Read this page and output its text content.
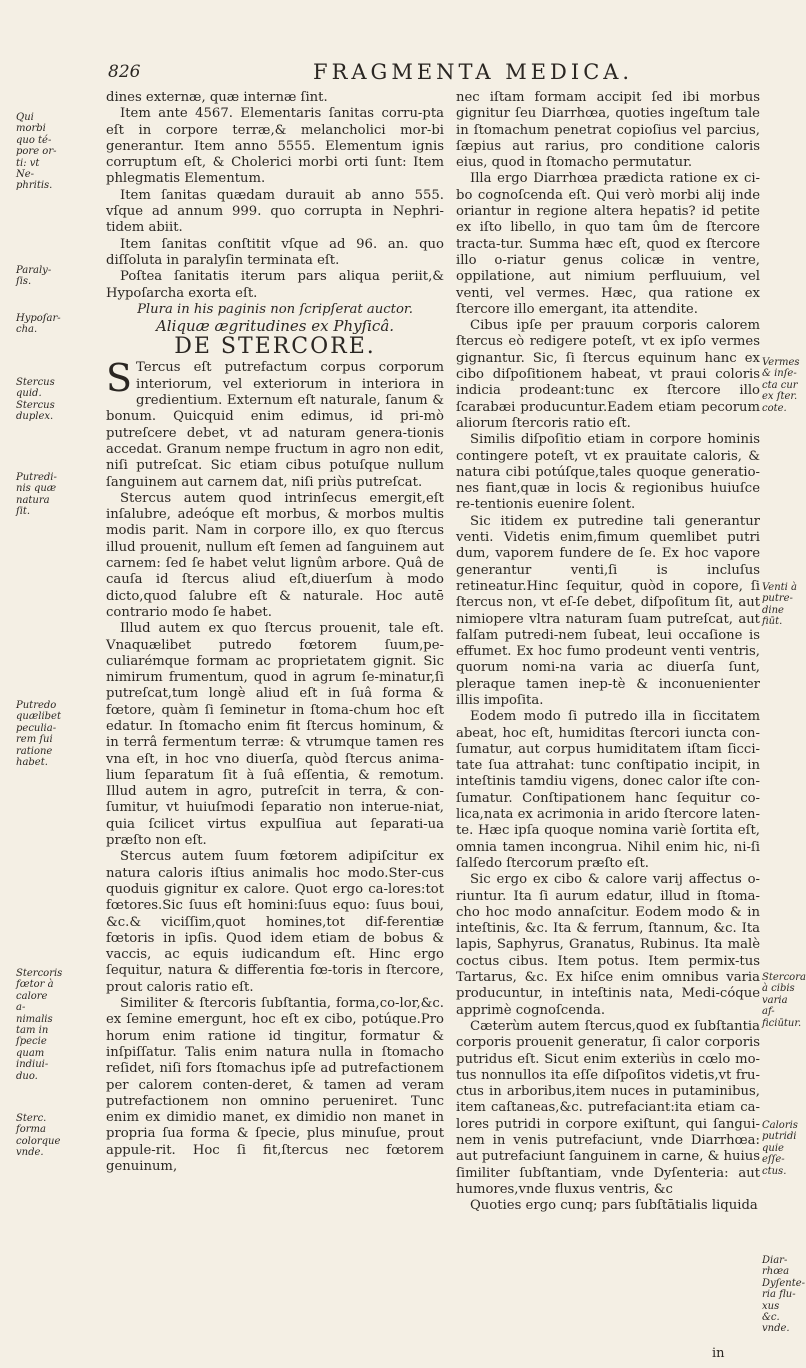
826	FRAGMENTA MEDICA.

dines externæ, quæ internæ ſint.

Item ante 4567. Elementaris ſanitas corru-pta eſt in corpore terræ,& melancholici mor-bi generantur. Item anno 5555. Elementum ignis corruptum eſt, & Cholerici morbi orti ſunt: Item phlegmatis Elementum.

Item ſanitas quædam durauit ab anno 555. vſque ad annum 999. quo corrupta in Nephri-tidem abiit.

Item ſanitas conſtitit vſque ad 96. an. quo diſſoluta in paralyſin terminata eſt.

Poſtea ſanitatis iterum pars aliqua periit,& Hypoſarcha exorta eſt.

Plura in his paginis non ſcripſerat auctor.

Aliquæ ægritudines ex Phyſicâ.

DE STERCORE.

S Tercus eſt putrefactum corpus corporum interiorum, vel exteriorum in interiora in gredientium. Externum eſt naturale, ſanum & bonum. Quicquid enim edimus, id pri-mò putreſcere debet, vt ad naturam genera-tionis accedat. Granum nempe fructum in agro non edit, niſi putreſcat. Sic etiam cibus potuſque nullum ſanguinem aut carnem dat, niſi priùs putreſcat.

Stercus autem quod intrinſecus emergit,eſt inſalubre, adeóque eſt morbus, & morbos multis modis parit. Nam in corpore illo, ex quo ſtercus illud prouenit, nullum eſt ſemen ad ſanguinem aut carnem: ſed ſe habet velut lignûm arbore. Quâ de cauſa id ſtercus aliud eſt,diuerſum à modo dicto,quod ſalubre eſt & naturale. Hoc autē contrario modo ſe habet.

Illud autem ex quo ſtercus prouenit, tale eſt. Vnaquælibet putredo fœtorem ſuum,pe-culiarémque formam ac proprietatem gignit. Sic nimirum frumentum, quod in agrum ſe-minatur,ſi putreſcat,tum longè aliud eſt in ſuâ forma & fœtore, quàm ſi ſeminetur in ſtoma-chum hoc eſt edatur. In ſtomacho enim fit ſtercus hominum, & in terrâ fermentum terræ: & vtrumque tamen res vna eſt, in hoc vno diuerſa, quòd ſtercus anima-lium ſeparatum ſit à ſuâ eſſentia, & remotum. Illud autem in agro, putreſcit in terra, & con-ſumitur, vt huiuſmodi ſeparatio non interue-niat, quia ſcilicet virtus expulſiua aut ſeparati-ua præſto non eſt.

Stercus autem ſuum fœtorem adipiſcitur ex natura caloris iſtius animalis hoc modo.Ster-cus quoduis gignitur ex calore. Quot ergo ca-lores:tot fœtores.Sic ſuus eſt homini:ſuus equo: ſuus boui, &c.& viciſſim,quot homines,tot dif-ferentiæ fœtoris in ipſis. Quod idem etiam de bobus & vaccis, ac equis iudicandum eſt. Hinc ergo ſequitur, natura & differentia fœ-toris in ſtercore, prout caloris ratio eſt.

Similiter & ſtercoris ſubſtantia, forma,co-lor,&c. ex ſemine emergunt, hoc eſt ex cibo, potúque.Pro horum enim ratione id tingitur, formatur & inſpiſſatur. Talis enim natura nulla in ſtomacho reſidet, niſi fors ſtomachus ipſe ad putrefactionem per calorem conten-deret, & tamen ad veram putrefactionem non omnino perueniret. Tunc enim ex dimidio manet, ex dimidio non manet in propria ſua forma & ſpecie, plus minuſue, prout appule-rit. Hoc ſi fit,ſtercus nec fœtorem genuinum,

nec iſtam formam accipit ſed ibi morbus gignitur ſeu Diarrhœa, quoties ingeſtum tale in ſtomachum penetrat copioſius vel parcius, ſæpius aut rarius, pro conditione caloris eius, quod in ſtomacho permutatur.

Illa ergo Diarrhœa prædicta ratione ex ci-bo cognoſcenda eſt. Qui verò morbi alij inde oriantur in regione altera hepatis? id petite ex iſto libello, in quo tam ûm de ſtercore tracta-tur. Summa hæc eſt, quod ex ſtercore illo o-riatur genus colicæ in ventre, oppilatione, aut nimium perfluuium, vel venti, vel vermes. Hæc, qua ratione ex ſtercore illo emergant, ita attendite.

Cibus ipſe per prauum corporis calorem ſtercus eò redigere poteſt, vt ex ipſo vermes gignantur. Sic, ſi ſtercus equinum hanc ex cibo diſpoſitionem habeat, vt praui coloris indicia prodeant:tunc ex ſtercore illo ſcarabæi producuntur.Eadem etiam pecorum aliorum ſtercoris ratio eſt.

Similis diſpoſitio etiam in corpore hominis contingere poteſt, vt ex prauitate caloris, & natura cibi potúſque,tales quoque generatio-nes fiant,quæ in locis & regionibus huiuſce re-tentionis euenire ſolent.

Sic itidem ex putredine tali generantur venti. Videtis enim,fimum quemlibet putri dum, vaporem fundere de ſe. Ex hoc vapore generantur venti,ſi is incluſus retineatur.Hinc ſequitur, quòd in copore, ſi ſtercus non, vt eſ-ſe debet, diſpoſitum ſit, aut nimiopere vltra naturam ſuam putreſcat, aut falſam putredi-nem ſubeat, leui occaſione is effumet. Ex hoc fumo prodeunt venti ventris, quorum nomi-na varia ac diuerſa ſunt, pleraque tamen inep-tè & inconuenienter illis impoſita.

Eodem modo ſi putredo illa in ſiccitatem abeat, hoc eſt, humiditas ſtercori iuncta con-ſumatur, aut corpus humiditatem iſtam ſicci-tate ſua attrahat: tunc conſtipatio incipit, in inteſtinis tamdiu vigens, donec calor iſte con-ſumatur. Conſtipationem hanc ſequitur co-lica,nata ex acrimonia in arido ſtercore laten-te. Hæc ipſa quoque nomina variè ſortita eſt, omnia tamen incongrua. Nihil enim hic, ni-ſi ſalſedo ſtercorum præſto eſt.

Sic ergo ex cibo & calore varij affectus o-riuntur. Ita ſi aurum edatur, illud in ſtoma-cho hoc modo annaſcitur. Eodem modo & in inteſtinis, &c. Ita & ferrum, ſtannum, &c. Ita lapis, Saphyrus, Granatus, Rubinus. Ita malè coctus cibus. Item potus. Item permix-tus Tartarus, &c. Ex hiſce enim omnibus varia producuntur, in inteſtinis nata, Medi-cóque apprimè cognoſcenda.

Cæterùm autem ſtercus,quod ex ſubſtantia corporis prouenit generatur, ſi calor corporis putridus eſt. Sicut enim exteriùs in cœlo mo-tus nonnullos ita eſſe diſpoſitos videtis,vt fru-ctus in arboribus,item nuces in putaminibus, item caſtaneas,&c. putrefaciant:ita etiam ca-lores putridi in corpore exiſtunt, qui ſangui-nem in venis putrefaciunt, vnde Diarrhœa: aut putrefaciunt ſanguinem in carne, & huius ſimiliter ſubſtantiam, vnde Dyſenteria: aut humores,vnde fluxus ventris, &c

Quoties ergo cunq; pars ſubſtātialis liquida

Qui morbi quo té-pore or-ti: vt Ne-phritis.
Paraly-ſis.
Hypoſar-cha.
Stercus quid. Stercus duplex.
Putredi-nis quæ natura ſit.
Putredo quælibet peculia-rem ſui ratione habet.
Stercoris fœtor à calore a-nimalis tam in ſpecie quam indiui-duo.
Sterc. forma colorque vnde.
Vermes & inſe-cta cur ex ſter. cote.
Venti à putre-dine fiūt.
Stercora à cibis varia af-ficiūtur.
Caloris putridi quie eſſe-ctus.
Diar-rhœa Dyſente-ria flu-xus &c. vnde.
in
